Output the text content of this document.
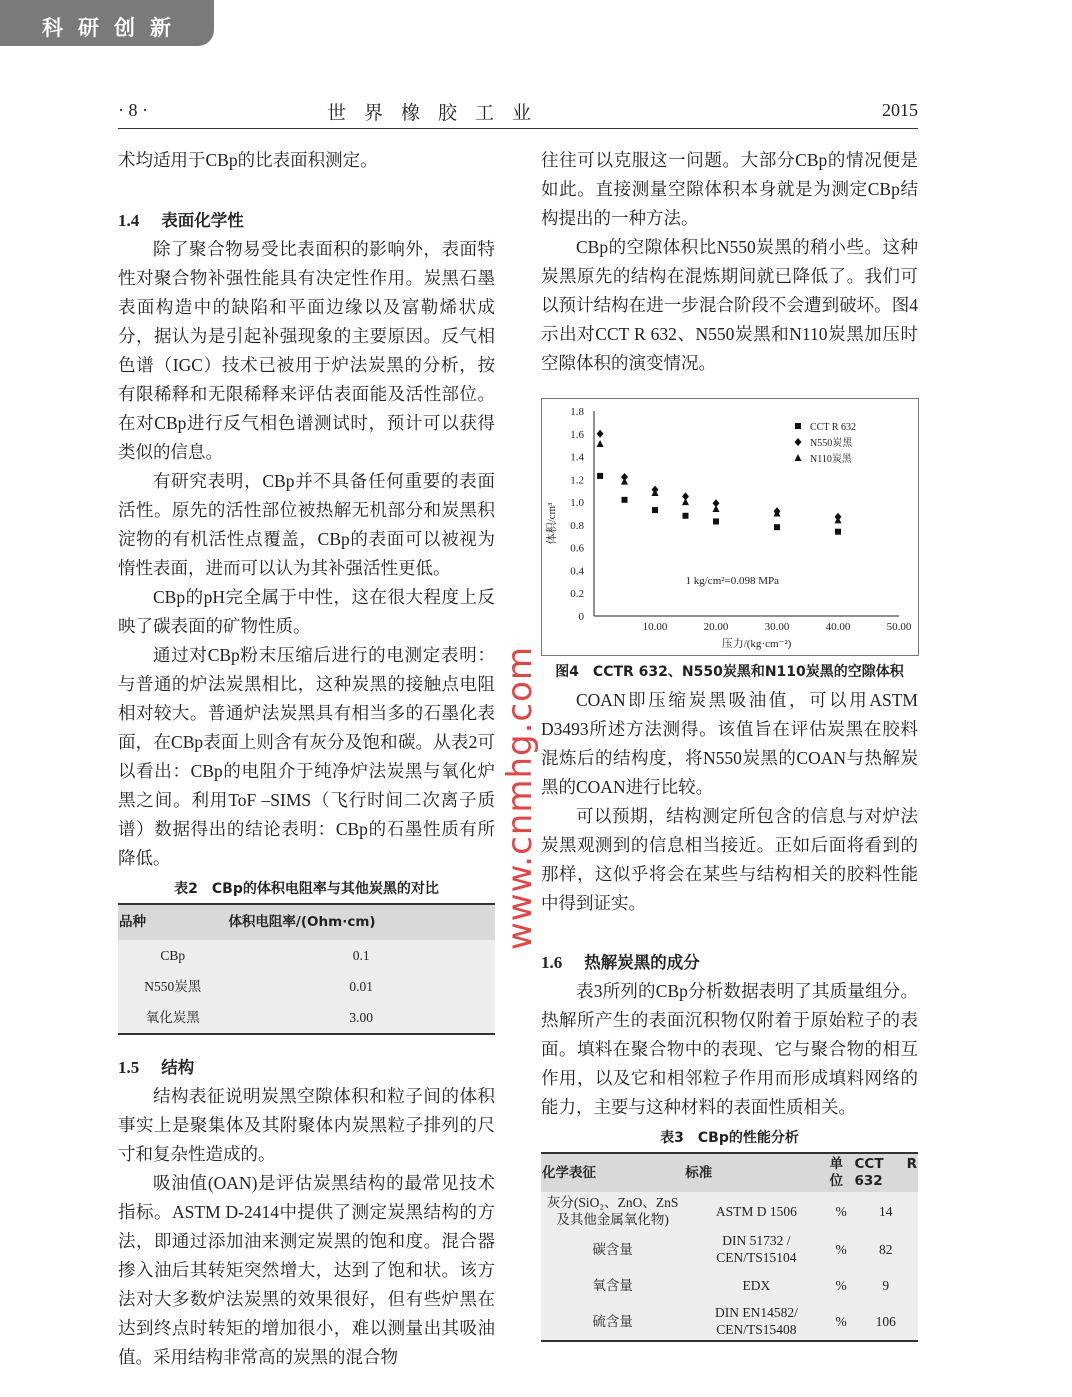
科研创新
· 8 ·	世界橡胶工业	2015

术均适用于CBp的比表面积测定。

1.4 表面化学性

除了聚合物易受比表面积的影响外，表面特性对聚合物补强性能具有决定性作用。炭黑石墨表面构造中的缺陷和平面边缘以及富勒烯状成分，据认为是引起补强现象的主要原因。反气相色谱（IGC）技术已被用于炉法炭黑的分析，按有限稀释和无限稀释来评估表面能及活性部位。在对CBp进行反气相色谱测试时，预计可以获得类似的信息。

有研究表明，CBp并不具备任何重要的表面活性。原先的活性部位被热解无机部分和炭黑积淀物的有机活性点覆盖，CBp的表面可以被视为惰性表面，进而可以认为其补强活性更低。

CBp的pH完全属于中性，这在很大程度上反映了碳表面的矿物性质。

通过对CBp粉末压缩后进行的电测定表明：与普通的炉法炭黑相比，这种炭黑的接触点电阻相对较大。普通炉法炭黑具有相当多的石墨化表面，在CBp表面上则含有灰分及饱和碳。从表2可以看出：CBp的电阻介于纯净炉法炭黑与氧化炉黑之间。利用ToF –SIMS（飞行时间二次离子质谱）数据得出的结论表明：CBp的石墨性质有所降低。

表2　CBp的体积电阻率与其他炭黑的对比
品种	体积电阻率/(Ohm·cm)
CBp	0.1
N550炭黑	0.01
氧化炭黑	3.00

1.5 结构

结构表征说明炭黑空隙体积和粒子间的体积事实上是聚集体及其附聚体内炭黑粒子排列的尺寸和复杂性造成的。

吸油值(OAN)是评估炭黑结构的最常见技术指标。ASTM D-2414中提供了测定炭黑结构的方法，即通过添加油来测定炭黑的饱和度。混合器掺入油后其转矩突然增大，达到了饱和状。该方法对大多数炉法炭黑的效果很好，但有些炉黑在达到终点时转矩的增加很小，难以测量出其吸油值。采用结构非常高的炭黑的混合物

往往可以克服这一问题。大部分CBp的情况便是如此。直接测量空隙体积本身就是为测定CBp结构提出的一种方法。

CBp的空隙体积比N550炭黑的稍小些。这种炭黑原先的结构在混炼期间就已降低了。我们可以预计结构在进一步混合阶段不会遭到破坏。图4示出对CCT R 632、N550炭黑和N110炭黑加压时空隙体积的演变情况。

0
0.2
0.4
0.6
0.8
1.0
1.2
1.4
1.6
1.8
10.00	20.00	30.00	40.00	50.00
压力/(kg·cm⁻²)
体积/cm³
1 kg/cm²=0.098 MPa
CCT R 632
N550炭黑
N110炭黑
图4　CCTR 632、N550炭黑和N110炭黑的空隙体积

COAN即压缩炭黑吸油值，可以用ASTM D3493所述方法测得。该值旨在评估炭黑在胶料混炼后的结构度，将N550炭黑的COAN与热解炭黑的COAN进行比较。

可以预期，结构测定所包含的信息与对炉法炭黑观测到的信息相当接近。正如后面将看到的那样，这似乎将会在某些与结构相关的胶料性能中得到证实。

1.6 热解炭黑的成分

表3所列的CBp分析数据表明了其质量组分。热解所产生的表面沉积物仅附着于原始粒子的表面。填料在聚合物中的表现、它与聚合物的相互作用，以及它和相邻粒子作用而形成填料网络的能力，主要与这种材料的表面性质相关。

表3　CBp的性能分析
化学表征	标准	单位	CCT R 632
灰分(SiO₂、ZnO、ZnS及其他金属氧化物)	ASTM D 1506	%	14
碳含量	DIN 51732 / CEN/TS15104	%	82
氧含量	EDX	%	9
硫含量	DIN EN14582/ CEN/TS15408	%	106
www.cnmhg.com
